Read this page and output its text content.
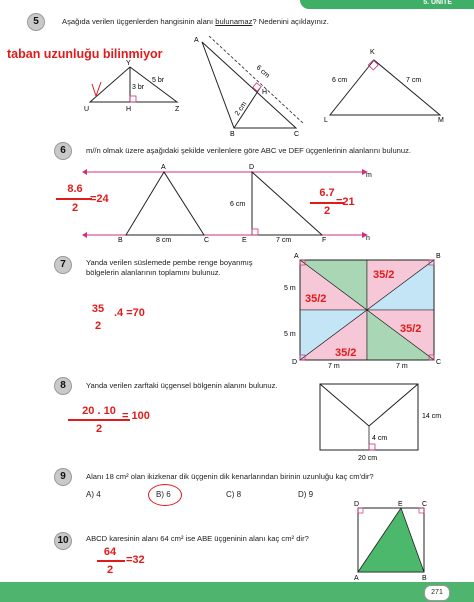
5. ÜNİTE
5	Aşağıda verilen üçgenlerden hangisinin alanı bulunamaz? Nedenini açıklayınız.
taban uzunluğu bilinmiyor
Y
U	H	Z
5 br
3 br
A
B	C
H
6 cm
2 cm
K
L	M
6 cm	7 cm
6	m//n olmak üzere aşağıdaki şekilde verilenlere göre ABC ve DEF üçgenlerinin alanlarını bulunuz.
A
B	C
D
E	F
m
n
6 cm
8 cm	7 cm
8.6
2
=24	6.7
2
=21
7	Yanda verilen süslemede pembe renge boyanmış
bölgelerin alanlarının toplamını bulunuz.
35
2
.4 =70
35/2
35/2
35/2
35/2
A	B
C
D
5 m
5 m
7 m	7 m
8	Yanda verilen zarftaki üçgensel bölgenin alanını bulunuz.
20 . 10
2
= 100	14 cm
4 cm
20 cm
9	Alanı 18 cm² olan ikizkenar dik üçgenin dik kenarlarından birinin uzunluğu kaç cm'dir?
A) 4	B) 6	C) 8	D) 9
10	ABCD karesinin alanı 64 cm² ise ABE üçgeninin alanı kaç cm² dir?
64
2
=32
D	E	C
A	B
271
